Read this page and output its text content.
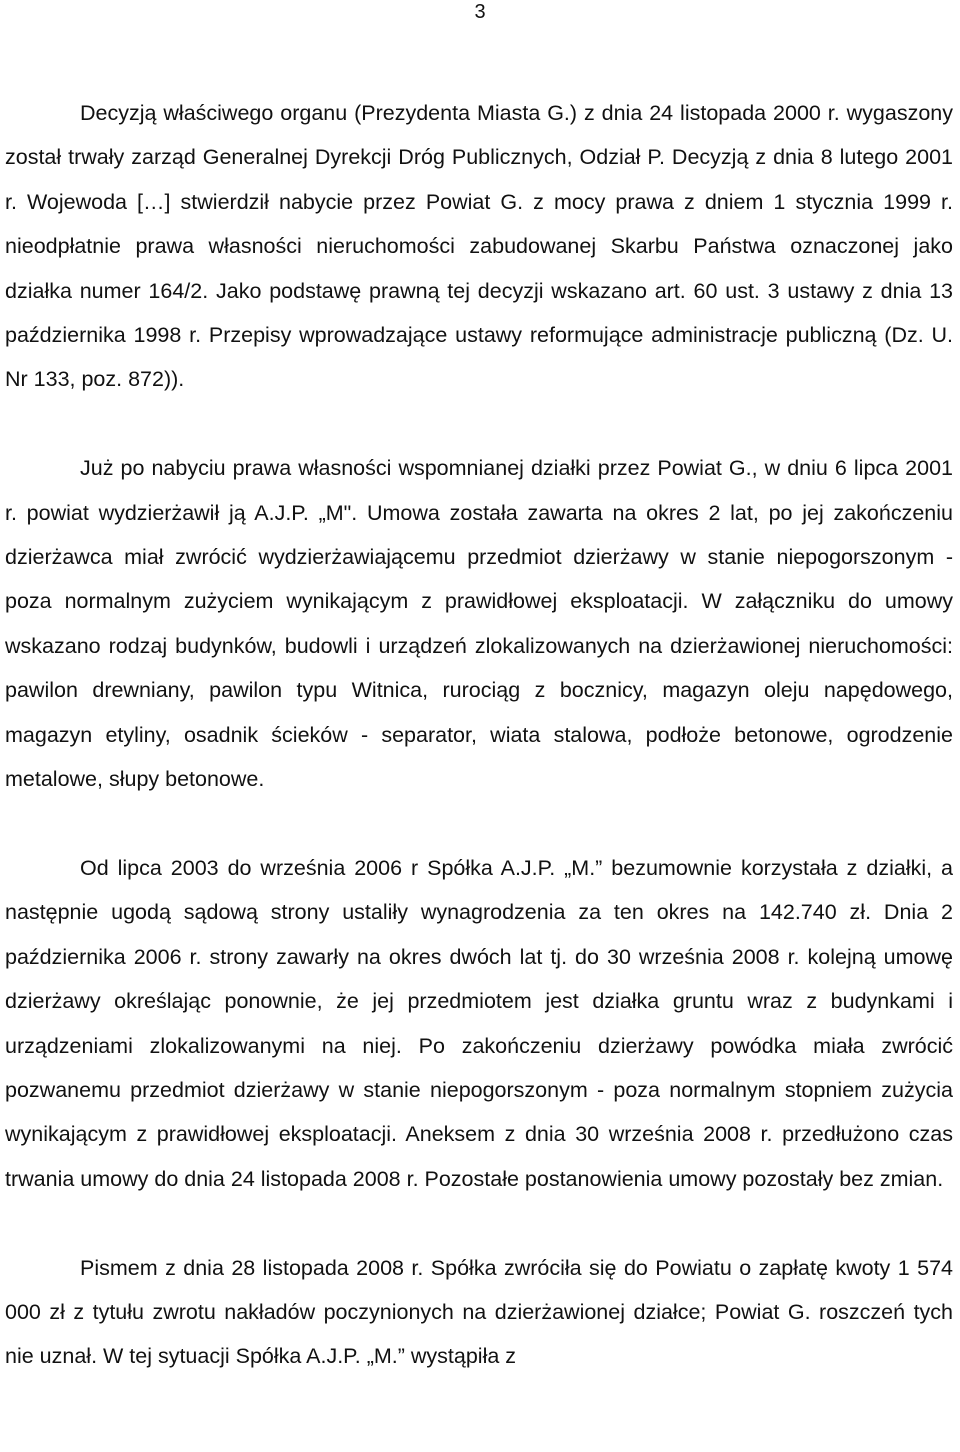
3

Decyzją właściwego organu (Prezydenta Miasta G.) z dnia 24 listopada 2000 r. wygaszony został trwały zarząd Generalnej Dyrekcji Dróg Publicznych, Odział P. Decyzją z dnia 8 lutego 2001 r. Wojewoda […] stwierdził nabycie przez Powiat G. z mocy prawa z dniem 1 stycznia 1999 r. nieodpłatnie prawa własności nieruchomości zabudowanej Skarbu Państwa oznaczonej jako działka numer 164/2. Jako podstawę prawną tej decyzji wskazano art. 60 ust. 3 ustawy z dnia 13 października 1998 r. Przepisy wprowadzające ustawy reformujące administracje publiczną (Dz. U. Nr 133, poz. 872)).

Już po nabyciu prawa własności wspomnianej działki przez Powiat G., w dniu 6 lipca 2001 r. powiat wydzierżawił ją A.J.P. „M". Umowa została zawarta na okres 2 lat, po jej zakończeniu dzierżawca miał zwrócić wydzierżawiającemu przedmiot dzierżawy w stanie niepogorszonym - poza normalnym zużyciem wynikającym z prawidłowej eksploatacji. W załączniku do umowy wskazano rodzaj budynków, budowli i urządzeń zlokalizowanych na dzierżawionej nieruchomości: pawilon drewniany, pawilon typu Witnica, rurociąg z bocznicy, magazyn oleju napędowego, magazyn etyliny, osadnik ścieków - separator, wiata stalowa, podłoże betonowe, ogrodzenie metalowe, słupy betonowe.

Od lipca 2003 do września 2006 r Spółka A.J.P. „M.” bezumownie korzystała z działki, a następnie ugodą sądową strony ustaliły wynagrodzenia za ten okres na 142.740 zł. Dnia 2 października 2006 r. strony zawarły na okres dwóch lat tj. do 30 września 2008 r. kolejną umowę dzierżawy określając ponownie, że jej przedmiotem jest działka gruntu wraz z budynkami i urządzeniami zlokalizowanymi na niej. Po zakończeniu dzierżawy powódka miała zwrócić pozwanemu przedmiot dzierżawy w stanie niepogorszonym - poza normalnym stopniem zużycia wynikającym z prawidłowej eksploatacji. Aneksem z dnia 30 września 2008 r. przedłużono czas trwania umowy do dnia 24 listopada 2008 r. Pozostałe postanowienia umowy pozostały bez zmian.

Pismem z dnia 28 listopada 2008 r. Spółka zwróciła się do Powiatu o zapłatę kwoty 1 574 000 zł z tytułu zwrotu nakładów poczynionych na dzierżawionej działce; Powiat G. roszczeń tych nie uznał. W tej sytuacji Spółka A.J.P. „M.” wystąpiła z
